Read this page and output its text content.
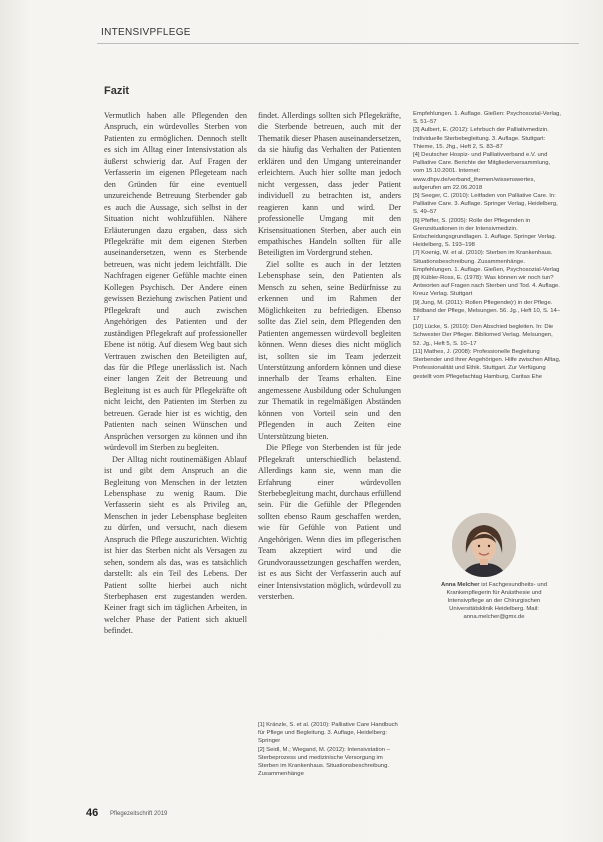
INTENSIVPFLEGE
Fazit

Vermutlich haben alle Pflegenden den Anspruch, ein würdevolles Sterben von Patienten zu ermöglichen. Dennoch stellt es sich im Alltag einer Intensivstation als äußerst schwierig dar. Auf Fragen der Verfasserin im eigenen Pflegeteam nach den Gründen für eine eventuell unzureichende Betreuung Sterbender gab es auch die Aussage, sich selbst in der Situation nicht wohlzufühlen. Nähere Erläuterungen dazu ergaben, dass sich Pflegekräfte mit dem eigenen Sterben auseinandersetzen, wenn es Sterbende betreuen, was nicht jedem leichtfällt. Die Nachfragen eigener Gefühle machte einen Kollegen Psychisch. Der Andere einen gewissen Beziehung zwischen Patient und Pflegekraft und auch zwischen Angehörigen des Patienten und der zuständigen Pflegekraft auf professioneller Ebene ist nötig. Auf diesem Weg baut sich Vertrauen zwischen den Beteiligten auf, das für die Pflege unerlässlich ist. Nach einer langen Zeit der Betreuung und Begleitung ist es auch für Pflegekräfte oft nicht leicht, den Patienten im Sterben zu betreuen. Gerade hier ist es wichtig, den Patienten nach seinen Wünschen und Ansprüchen versorgen zu können und ihn würdevoll im Sterben zu begleiten.

Der Alltag nicht routinemäßigen Ablauf ist und gibt dem Anspruch an die Begleitung von Menschen in der letzten Lebensphase zu wenig Raum. Die Verfasserin sieht es als Privileg an, Menschen in jeder Lebensphase begleiten zu dürfen, und versucht, nach diesem Anspruch die Pflege auszurichten. Wichtig ist hier das Sterben nicht als Versagen zu sehen, sondern als das, was es tatsächlich darstellt: als ein Teil des Lebens. Der Patient sollte hierbei auch nicht Sterbephasen erst zugestanden werden. Keiner fragt sich im täglichen Arbeiten, in welcher Phase der Patient sich aktuell befindet.

findet. Allerdings sollten sich Pflegekräfte, die Sterbende betreuen, auch mit der Thematik dieser Phasen auseinandersetzen, da sie häufig das Verhalten der Patienten erklären und den Umgang untereinander erleichtern. Auch hier sollte man jedoch nicht vergessen, dass jeder Patient individuell zu betrachten ist, anders reagieren kann und wird. Der professionelle Umgang mit den Krisensituationen Sterben, aber auch ein empathisches Handeln sollten für alle Beteiligten im Vordergrund stehen.

Ziel sollte es auch in der letzten Lebensphase sein, den Patienten als Mensch zu sehen, seine Bedürfnisse zu erkennen und im Rahmen der Möglichkeiten zu befriedigen. Ebenso sollte das Ziel sein, dem Pflegenden den Patienten angemessen würdevoll begleiten können. Wenn dieses dies nicht möglich ist, sollten sie im Team jederzeit Unterstützung anfordern können und diese innerhalb der Teams erhalten. Eine angemessene Ausbildung oder Schulungen zur Thematik in regelmäßigen Abständen können von Vorteil sein und den Pflegenden in auch Zeiten eine Unterstützung bieten.

Die Pflege von Sterbenden ist für jede Pflegekraft unterschiedlich belastend. Allerdings kann sie, wenn man die Erfahrung einer würdevollen Sterbebegleitung macht, durchaus erfüllend sein. Für die Gefühle der Pflegenden sollten ebenso Raum geschaffen werden, wie für Gefühle von Patient und Angehörigen. Wenn dies im pflegerischen Team akzeptiert wird und die Grundvoraussetzungen geschaffen werden, ist es aus Sicht der Verfasserin auch auf einer Intensivstation möglich, würdevoll zu versterben.

[1] Kränzle, S. et al. (2010): Palliative Care Handbuch für Pflege und Begleitung. 3. Auflage, Heidelberg: Springer

[2] Seidl, M.; Wiegand, M. (2012): Intensivstation – Sterbeprozess und medizinische Versorgung im Sterben im Krankenhaus. Situationsbeschreibung. Zusammenhänge

Empfehlungen. 1. Auflage. Gießen: Psychosozial-Verlag, S. 51–57

[3] Aulbert, E. (2012): Lehrbuch der Palliativmedizin. Individuelle Sterbebegleitung. 3. Auflage. Stuttgart: Thieme, 15. Jhg., Heft 2, S. 83–87

[4] Deutscher Hospiz- und Palliativverband e.V. und Palliative Care. Berichte der Mitgliederversammlung, vom 15.10.2001. Internet: www.dhpv.de/verband_themen/wissenswertes, aufgerufen am 22.06.2018

[5] Seeger, C. (2010): Leitfaden von Palliative Care. In: Palliative Care. 3. Auflage. Springer Verlag, Heidelberg, S. 49–57

[6] Pfeffer, S. (2005): Rolle der Pflegenden in Grenzsituationen in der Intensivmedizin. Entscheidungsgrundlagen. 1. Auflage. Springer Verlag. Heidelberg, S. 193–198

[7] Koenig, W. et al. (2010): Sterben im Krankenhaus. Situationsbeschreibung. Zusammenhänge. Empfehlungen. 1. Auflage. Gießen, Psychosozial-Verlag

[8] Kübler-Ross, E. (1978): Was können wir noch tun? Antworten auf Fragen nach Sterben und Tod. 4. Auflage. Kreuz Verlag. Stuttgart

[9] Jung, M. (2011): Rollen Pflegende(r) in der Pflege. Bildband der Pflege, Melsungen. 56. Jg., Heft 10, S. 14–17

[10] Lücke, S. (2010): Den Abschied begleiten. In: Die Schwester Der Pfleger. Bibliomed Verlag. Melsungen, 52. Jg., Heft 5, S. 10–17

[11] Mathes, J. (2008): Professionelle Begleitung Sterbender und ihrer Angehörigen. Hilfe zwischen Alltag, Professionalität und Ethik. Stuttgart. Zur Verfügung gestellt vom Pflegefachtag Hamburg, Caritas Ehe

Anna Melcher ist Fachgesundheits- und Krankenpflegerin für Anästhesie und Intensivpflege an der Chirurgischen Universitätsklinik Heidelberg. Mail: anna.melcher@gmx.de
46 Pflegezeitschrift 2019
